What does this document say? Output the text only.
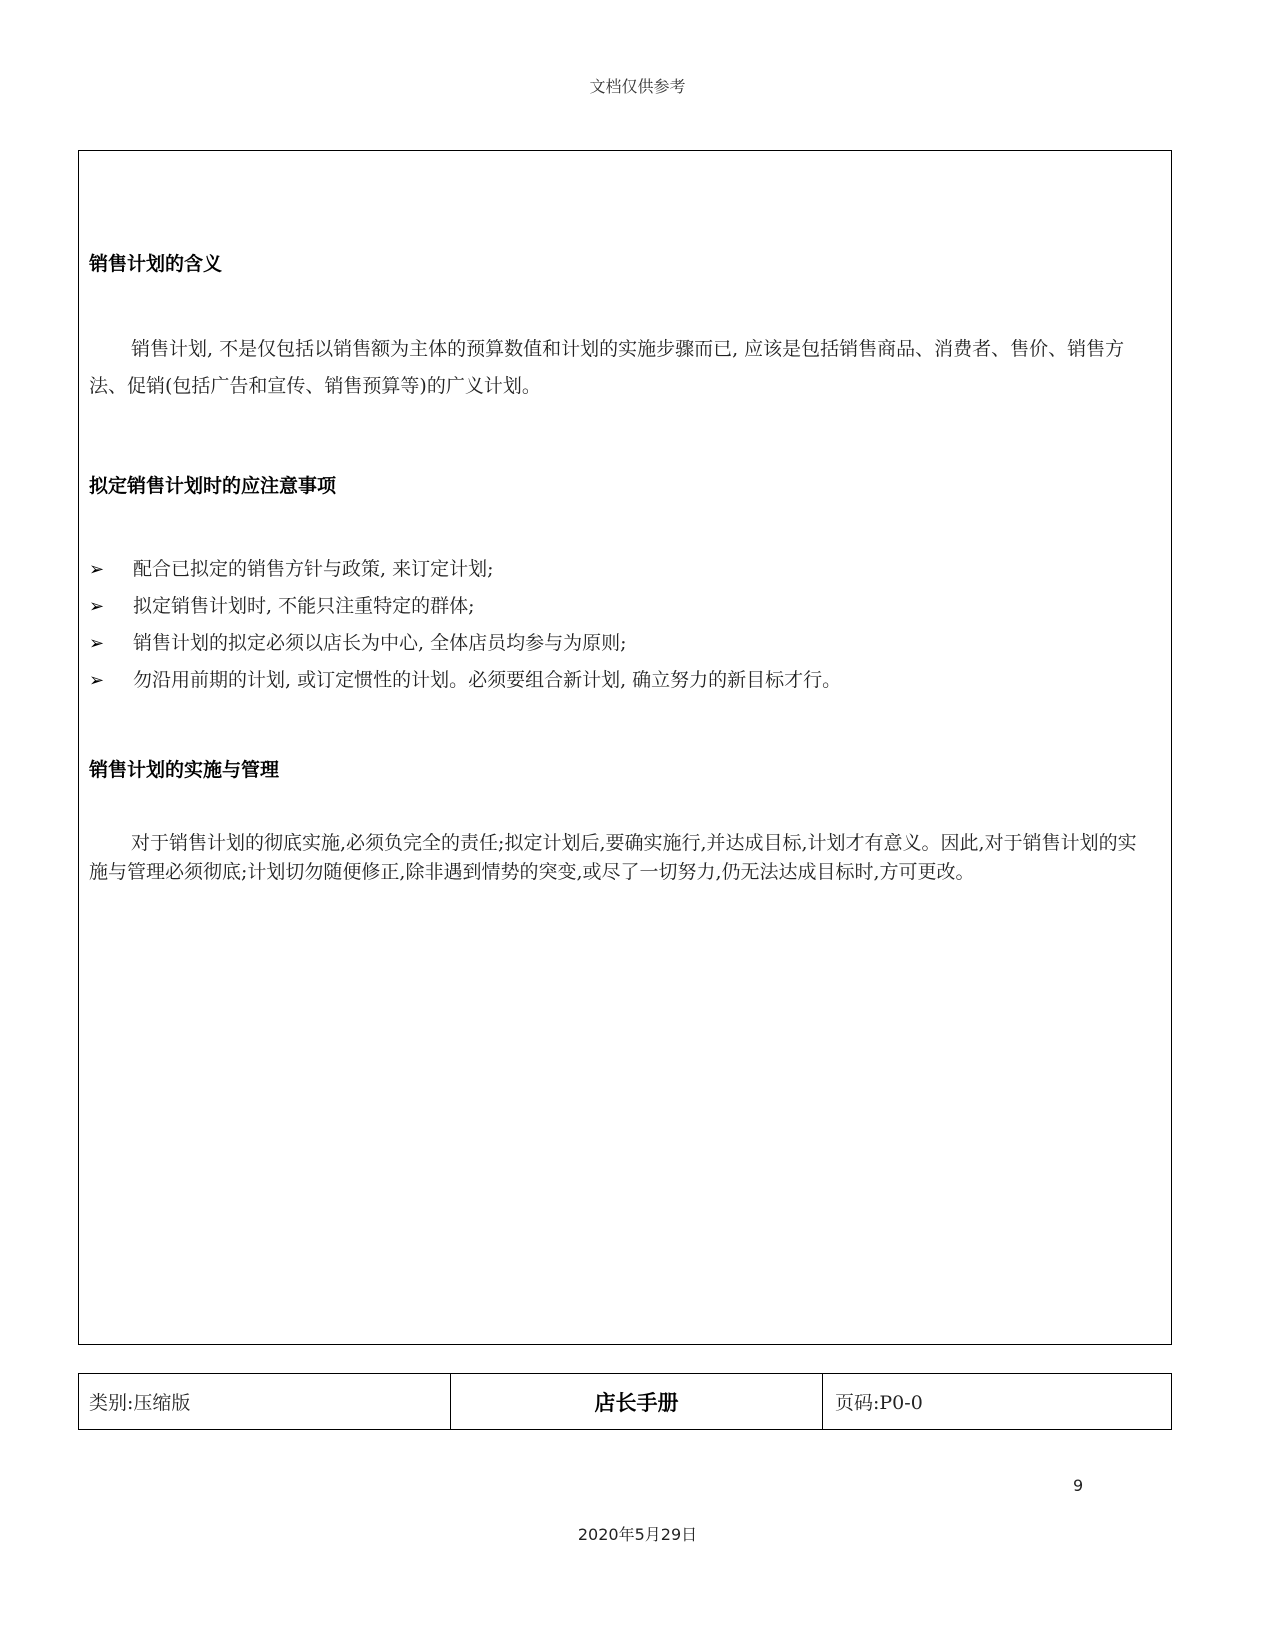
文档仅供参考
销售计划的含义

销售计划, 不是仅包括以销售额为主体的预算数值和计划的实施步骤而已, 应该是包括销售商品、消费者、售价、销售方法、促销(包括广告和宣传、销售预算等)的广义计划。

拟定销售计划时的应注意事项
➢ 配合已拟定的销售方针与政策, 来订定计划;
➢ 拟定销售计划时, 不能只注重特定的群体;
➢ 销售计划的拟定必须以店长为中心, 全体店员均参与为原则;
➢ 勿沿用前期的计划, 或订定惯性的计划。必须要组合新计划, 确立努力的新目标才行。
销售计划的实施与管理

对于销售计划的彻底实施,必须负完全的责任;拟定计划后,要确实施行,并达成目标,计划才有意义。因此,对于销售计划的实施与管理必须彻底;计划切勿随便修正,除非遇到情势的突变,或尽了一切努力,仍无法达成目标时,方可更改。

类别:压缩版	店长手册	页码:P0-0
9
2020年5月29日
